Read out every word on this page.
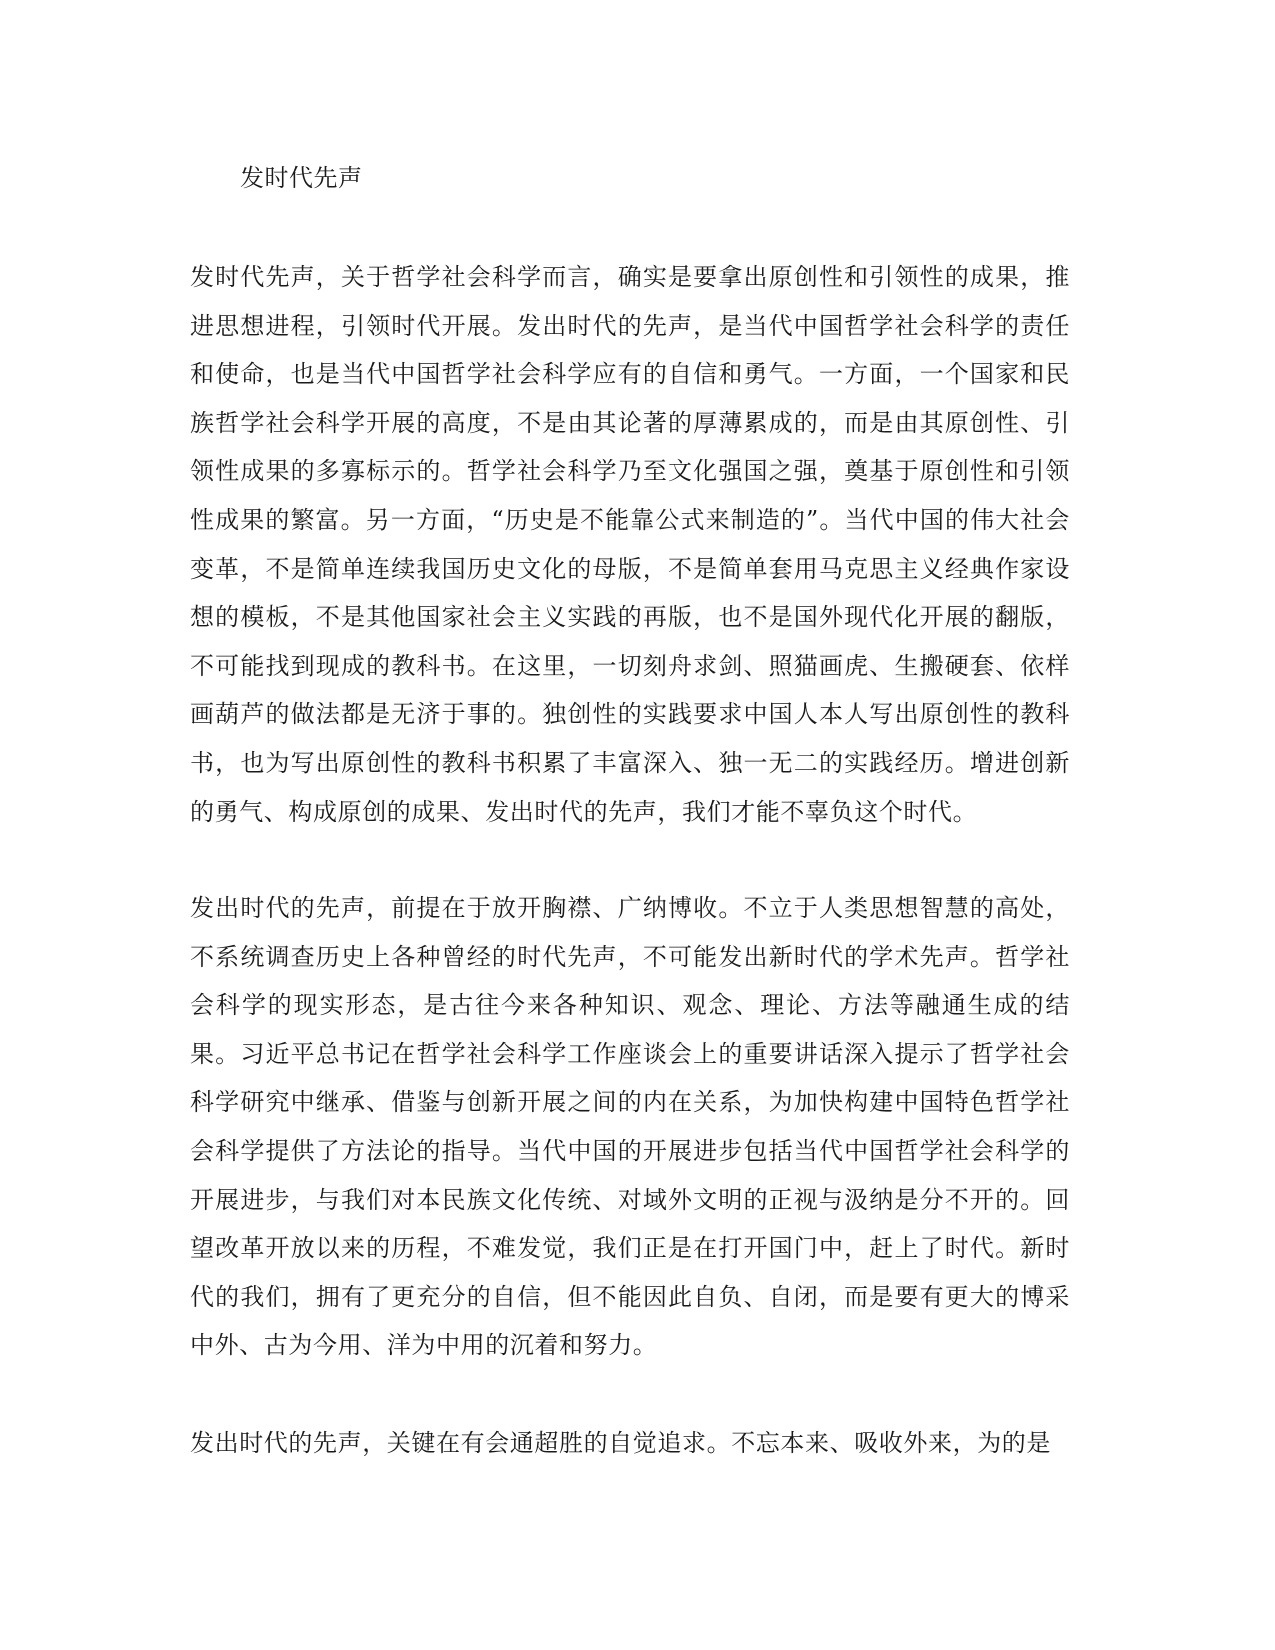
发时代先声

发时代先声，关于哲学社会科学而言，确实是要拿出原创性和引领性的成果，推进思想进程，引领时代开展。发出时代的先声，是当代中国哲学社会科学的责任和使命，也是当代中国哲学社会科学应有的自信和勇气。一方面，一个国家和民族哲学社会科学开展的高度，不是由其论著的厚薄累成的，而是由其原创性、引领性成果的多寡标示的。哲学社会科学乃至文化强国之强，奠基于原创性和引领性成果的繁富。另一方面，“历史是不能靠公式来制造的”。当代中国的伟大社会变革，不是简单连续我国历史文化的母版，不是简单套用马克思主义经典作家设想的模板，不是其他国家社会主义实践的再版，也不是国外现代化开展的翻版，不可能找到现成的教科书。在这里，一切刻舟求剑、照猫画虎、生搬硬套、依样画葫芦的做法都是无济于事的。独创性的实践要求中国人本人写出原创性的教科书，也为写出原创性的教科书积累了丰富深入、独一无二的实践经历。增进创新的勇气、构成原创的成果、发出时代的先声，我们才能不辜负这个时代。

发出时代的先声，前提在于放开胸襟、广纳博收。不立于人类思想智慧的高处，不系统调查历史上各种曾经的时代先声，不可能发出新时代的学术先声。哲学社会科学的现实形态，是古往今来各种知识、观念、理论、方法等融通生成的结果。习近平总书记在哲学社会科学工作座谈会上的重要讲话深入提示了哲学社会科学研究中继承、借鉴与创新开展之间的内在关系，为加快构建中国特色哲学社会科学提供了方法论的指导。当代中国的开展进步包括当代中国哲学社会科学的开展进步，与我们对本民族文化传统、对域外文明的正视与汲纳是分不开的。回望改革开放以来的历程，不难发觉，我们正是在打开国门中，赶上了时代。新时代的我们，拥有了更充分的自信，但不能因此自负、自闭，而是要有更大的博采中外、古为今用、洋为中用的沉着和努力。

发出时代的先声，关键在有会通超胜的自觉追求。不忘本来、吸收外来，为的是
